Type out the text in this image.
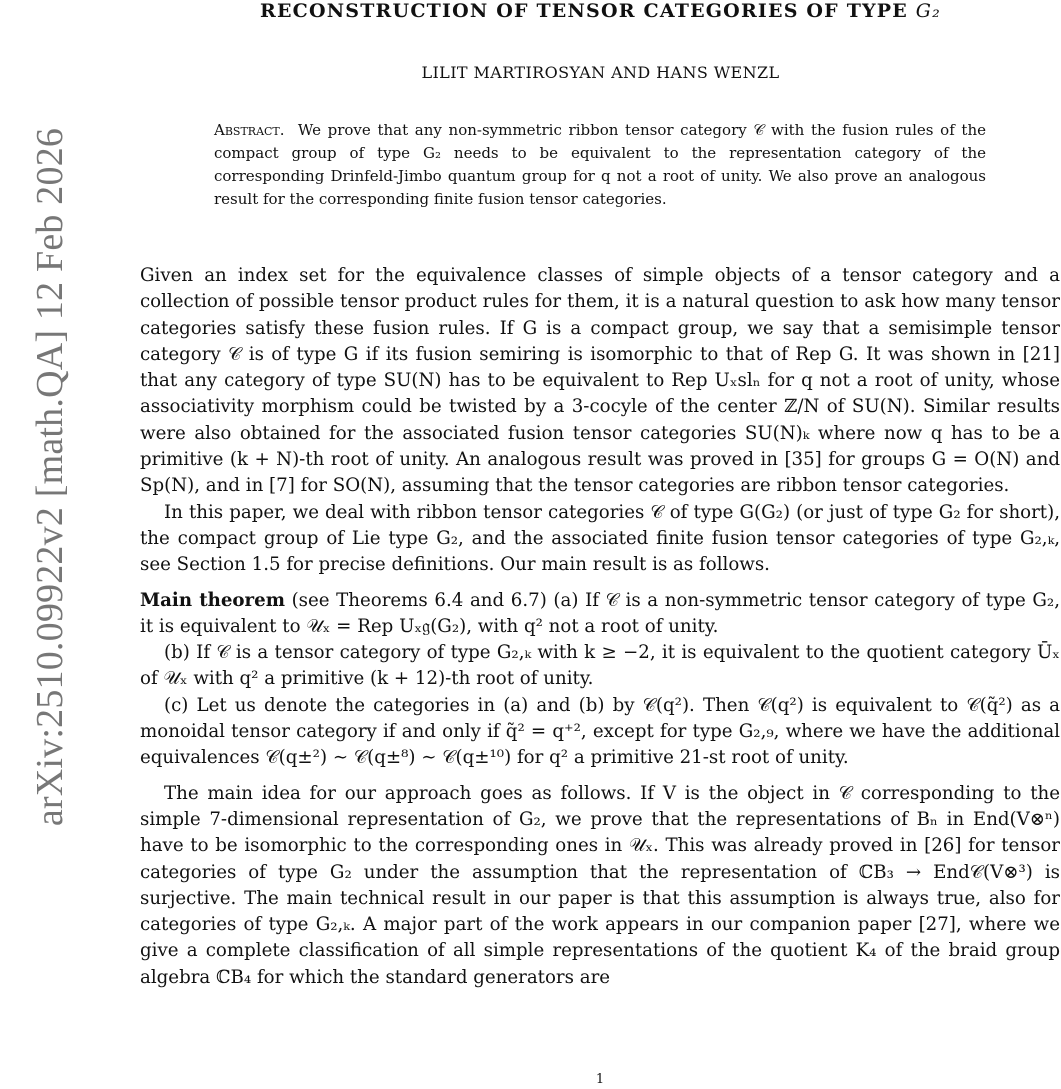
arXiv:2510.09922v2 [math.QA] 12 Feb 2026
RECONSTRUCTION OF TENSOR CATEGORIES OF TYPE G₂
LILIT MARTIROSYAN AND HANS WENZL
Abstract. We prove that any non-symmetric ribbon tensor category 𝒞 with the fusion rules of the compact group of type G₂ needs to be equivalent to the representation category of the corresponding Drinfeld-Jimbo quantum group for q not a root of unity. We also prove an analogous result for the corresponding finite fusion tensor categories.

Given an index set for the equivalence classes of simple objects of a tensor category and a collection of possible tensor product rules for them, it is a natural question to ask how many tensor categories satisfy these fusion rules. If G is a compact group, we say that a semisimple tensor category 𝒞 is of type G if its fusion semiring is isomorphic to that of Rep G. It was shown in [21] that any category of type SU(N) has to be equivalent to Rep Uₓslₙ for q not a root of unity, whose associativity morphism could be twisted by a 3-cocyle of the center ℤ/N of SU(N). Similar results were also obtained for the associated fusion tensor categories SU(N)ₖ where now q has to be a primitive (k + N)-th root of unity. An analogous result was proved in [35] for groups G = O(N) and Sp(N), and in [7] for SO(N), assuming that the tensor categories are ribbon tensor categories.

In this paper, we deal with ribbon tensor categories 𝒞 of type G(G₂) (or just of type G₂ for short), the compact group of Lie type G₂, and the associated finite fusion tensor categories of type G₂,ₖ, see Section 1.5 for precise definitions. Our main result is as follows.

Main theorem (see Theorems 6.4 and 6.7) (a) If 𝒞 is a non-symmetric tensor category of type G₂, it is equivalent to 𝒰ₓ = Rep Uₓ𝔤(G₂), with q² not a root of unity.

(b) If 𝒞 is a tensor category of type G₂,ₖ with k ≥ −2, it is equivalent to the quotient category Ūₓ of 𝒰ₓ with q² a primitive (k + 12)-th root of unity.

(c) Let us denote the categories in (a) and (b) by 𝒞(q²). Then 𝒞(q²) is equivalent to 𝒞(q̃²) as a monoidal tensor category if and only if q̃² = q⁺², except for type G₂,₉, where we have the additional equivalences 𝒞(q±²) ∼ 𝒞(q±⁸) ∼ 𝒞(q±¹⁰) for q² a primitive 21-st root of unity.

The main idea for our approach goes as follows. If V is the object in 𝒞 corresponding to the simple 7-dimensional representation of G₂, we prove that the representations of Bₙ in End(V⊗ⁿ) have to be isomorphic to the corresponding ones in 𝒰ₓ. This was already proved in [26] for tensor categories of type G₂ under the assumption that the representation of ℂB₃ → End𝒞(V⊗³) is surjective. The main technical result in our paper is that this assumption is always true, also for categories of type G₂,ₖ. A major part of the work appears in our companion paper [27], where we give a complete classification of all simple representations of the quotient K₄ of the braid group algebra ℂB₄ for which the standard generators are

1
